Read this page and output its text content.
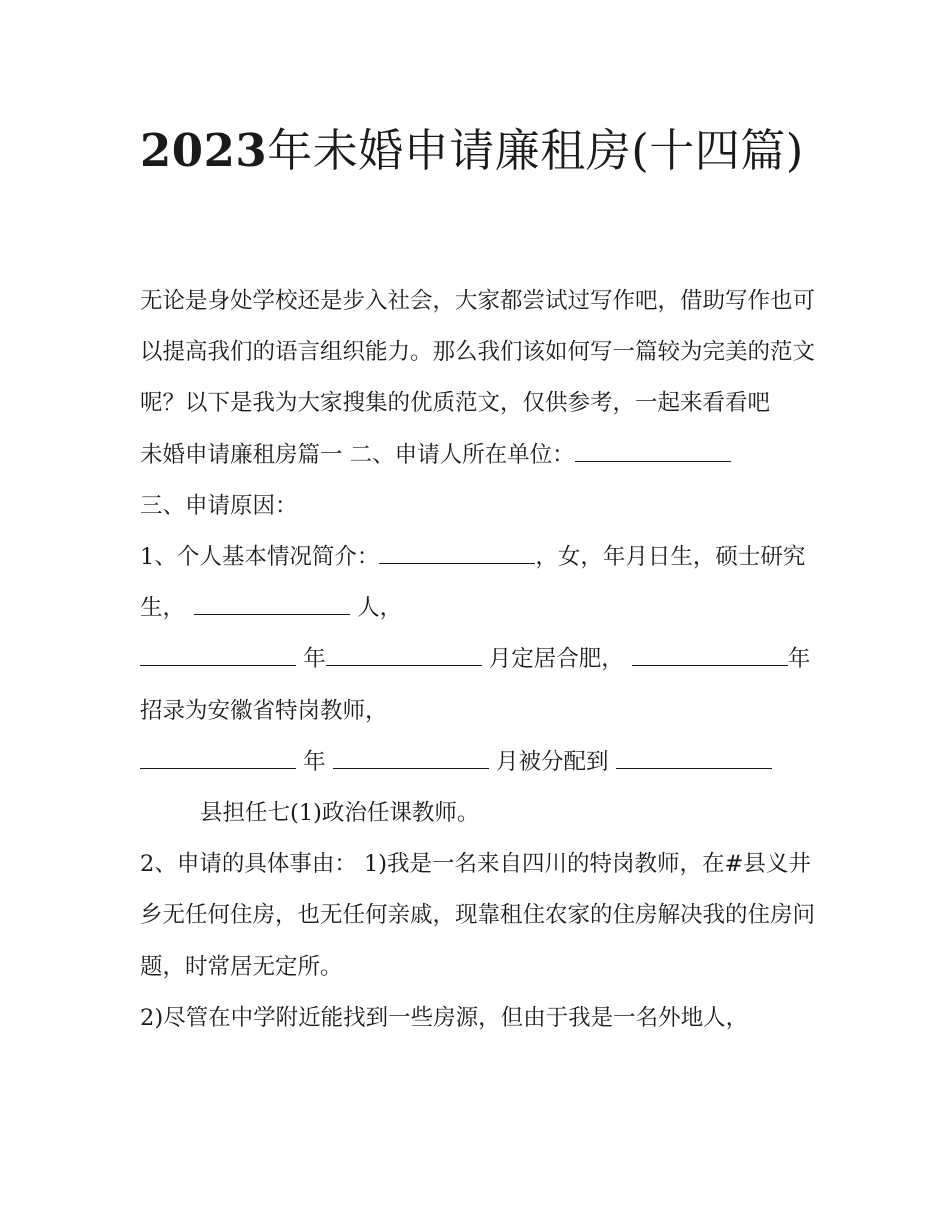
2023年未婚申请廉租房(十四篇)

无论是身处学校还是步入社会，大家都尝试过写作吧，借助写作也可以提高我们的语言组织能力。那么我们该如何写一篇较为完美的范文呢？以下是我为大家搜集的优质范文，仅供参考，一起来看看吧

未婚申请廉租房篇一 二、申请人所在单位：

三、申请原因：

1、个人基本情况简介：	，女，年月日生，硕士研究生，	人，

年	月定居合肥，	年招录为安徽省特岗教师，

年	月被分配到 县担任七(1)政治任课教师。

2、申请的具体事由： 1)我是一名来自四川的特岗教师，在#县义井乡无任何住房，也无任何亲戚，现靠租住农家的住房解决我的住房问题，时常居无定所。

2)尽管在中学附近能找到一些房源，但由于我是一名外地人，
